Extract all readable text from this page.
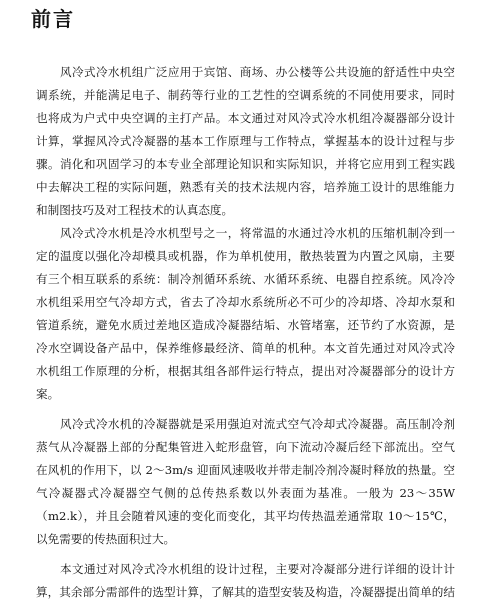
前言
风冷式冷水机组广泛应用于宾馆、商场、办公楼等公共设施的舒适性中央空
调系统，并能满足电子、制药等行业的工艺性的空调系统的不同使用要求，同时
也将成为户式中央空调的主打产品。本文通过对风冷式冷水机组冷凝器部分设计
计算，掌握风冷式冷凝器的基本工作原理与工作特点，掌握基本的设计过程与步
骤。消化和巩固学习的本专业全部理论知识和实际知识，并将它应用到工程实践
中去解决工程的实际问题，熟悉有关的技术法规内容，培养施工设计的思维能力
和制图技巧及对工程技术的认真态度。
风冷式冷水机是冷水机型号之一，将常温的水通过冷水机的压缩机制冷到一
定的温度以强化冷却模具或机器，作为单机使用，散热装置为内置之风扇，主要
有三个相互联系的系统：制冷剂循环系统、水循环系统、电器自控系统。风冷冷
水机组采用空气冷却方式，省去了冷却水系统所必不可少的冷却塔、冷却水泵和
管道系统，避免水质过差地区造成冷凝器结垢、水管堵塞，还节约了水资源，是
冷水空调设备产品中，保养维修最经济、简单的机种。本文首先通过对风冷式冷
水机组工作原理的分析，根据其组各部件运行特点，提出对冷凝器部分的设计方
案。
风冷式冷水机的冷凝器就是采用强迫对流式空气冷却式冷凝器。高压制冷剂
蒸气从冷凝器上部的分配集管进入蛇形盘管，向下流动冷凝后经下部流出。空气
在风机的作用下，以 2～3m/s 迎面风速吸收并带走制冷剂冷凝时释放的热量。空
气冷凝器式冷凝器空气侧的总传热系数以外表面为基准。一般为 23～35W
（m2.k），并且会随着风速的变化而变化，其平均传热温差通常取 10～15℃，
以免需要的传热面积过大。
本文通过对风冷式冷水机组的设计过程，主要对冷凝部分进行详细的设计计
算，其余部分需部件的选型计算，了解其的造型安装及构造，冷凝器提出简单的结
